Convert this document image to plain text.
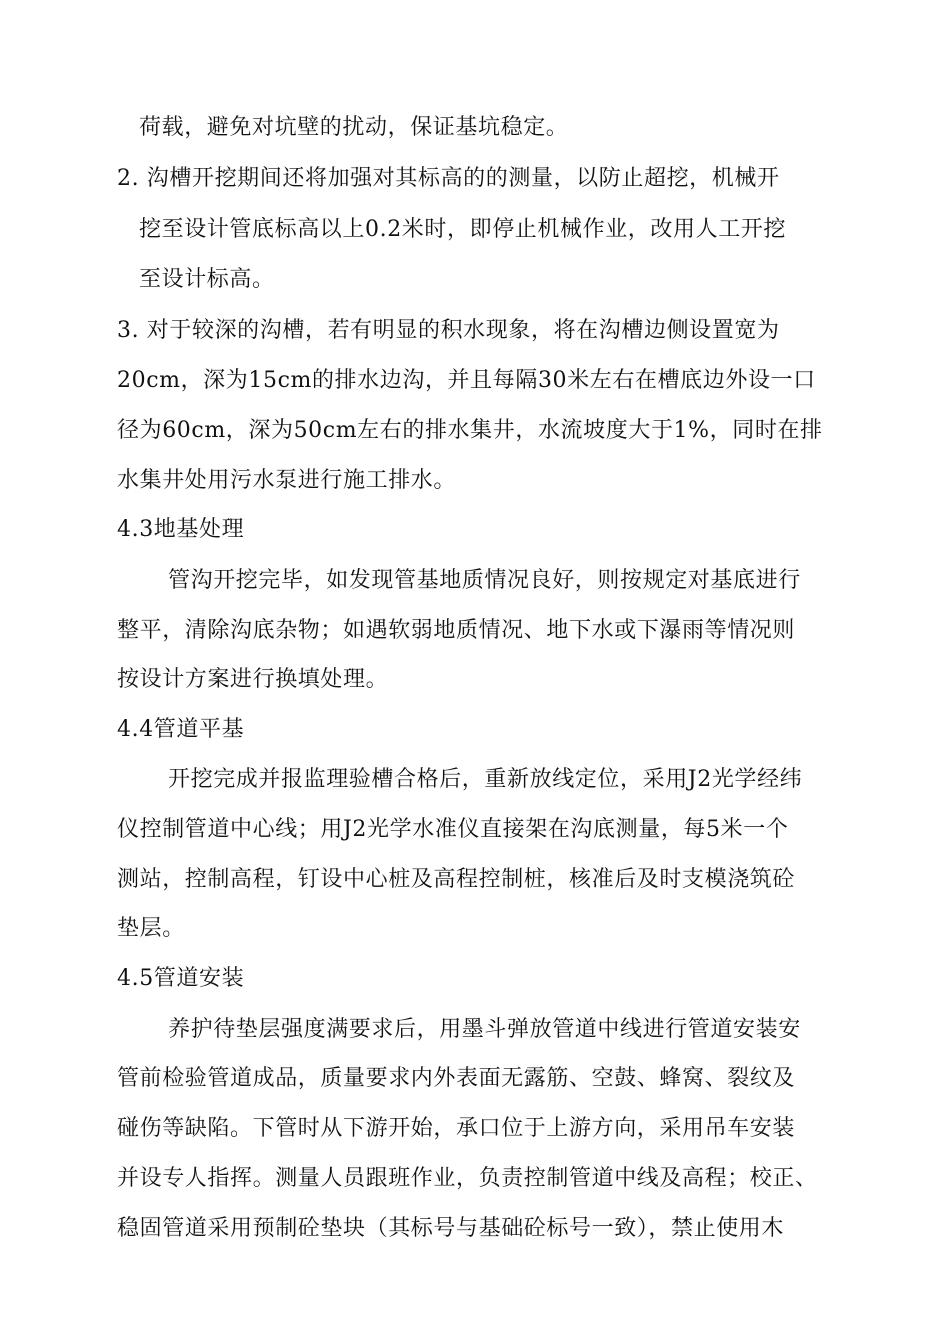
荷载，避免对坑壁的扰动，保证基坑稳定。
2. 沟槽开挖期间还将加强对其标高的的测量，以防止超挖，机械开
挖至设计管底标高以上0.2米时，即停止机械作业，改用人工开挖
至设计标高。
3. 对于较深的沟槽，若有明显的积水现象，将在沟槽边侧设置宽为
20cm，深为15cm的排水边沟，并且每隔30米左右在槽底边外设一口
径为60cm，深为50cm左右的排水集井，水流坡度大于1%，同时在排
水集井处用污水泵进行施工排水。
4.3地基处理
管沟开挖完毕，如发现管基地质情况良好，则按规定对基底进行
整平，清除沟底杂物；如遇软弱地质情况、地下水或下瀑雨等情况则
按设计方案进行换填处理。
4.4管道平基
开挖完成并报监理验槽合格后，重新放线定位，采用J2光学经纬
仪控制管道中心线；用J2光学水准仪直接架在沟底测量，每5米一个
测站，控制高程，钉设中心桩及高程控制桩，核准后及时支模浇筑砼
垫层。
4.5管道安装
养护待垫层强度满要求后，用墨斗弹放管道中线进行管道安装安
管前检验管道成品，质量要求内外表面无露筋、空鼓、蜂窝、裂纹及
碰伤等缺陷。下管时从下游开始，承口位于上游方向，采用吊车安装
并设专人指挥。测量人员跟班作业，负责控制管道中线及高程；校正、
稳固管道采用预制砼垫块（其标号与基础砼标号一致），禁止使用木
